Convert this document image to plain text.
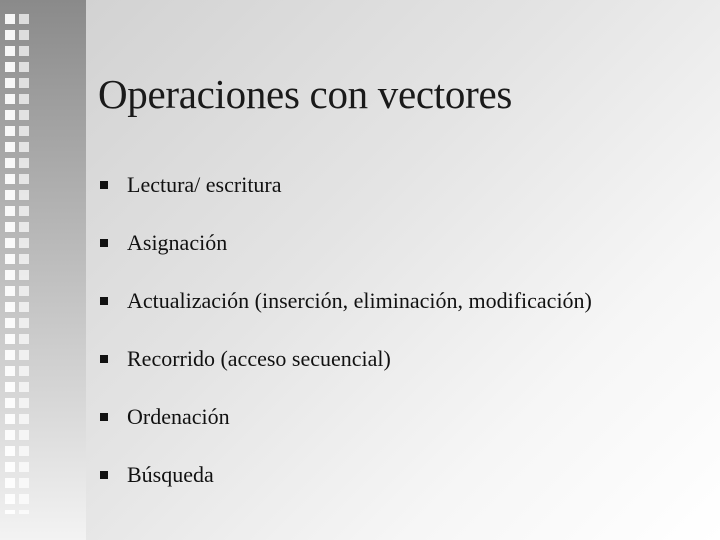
Operaciones con vectores
Lectura/ escritura
Asignación
Actualización (inserción, eliminación, modificación)
Recorrido (acceso secuencial)
Ordenación
Búsqueda
